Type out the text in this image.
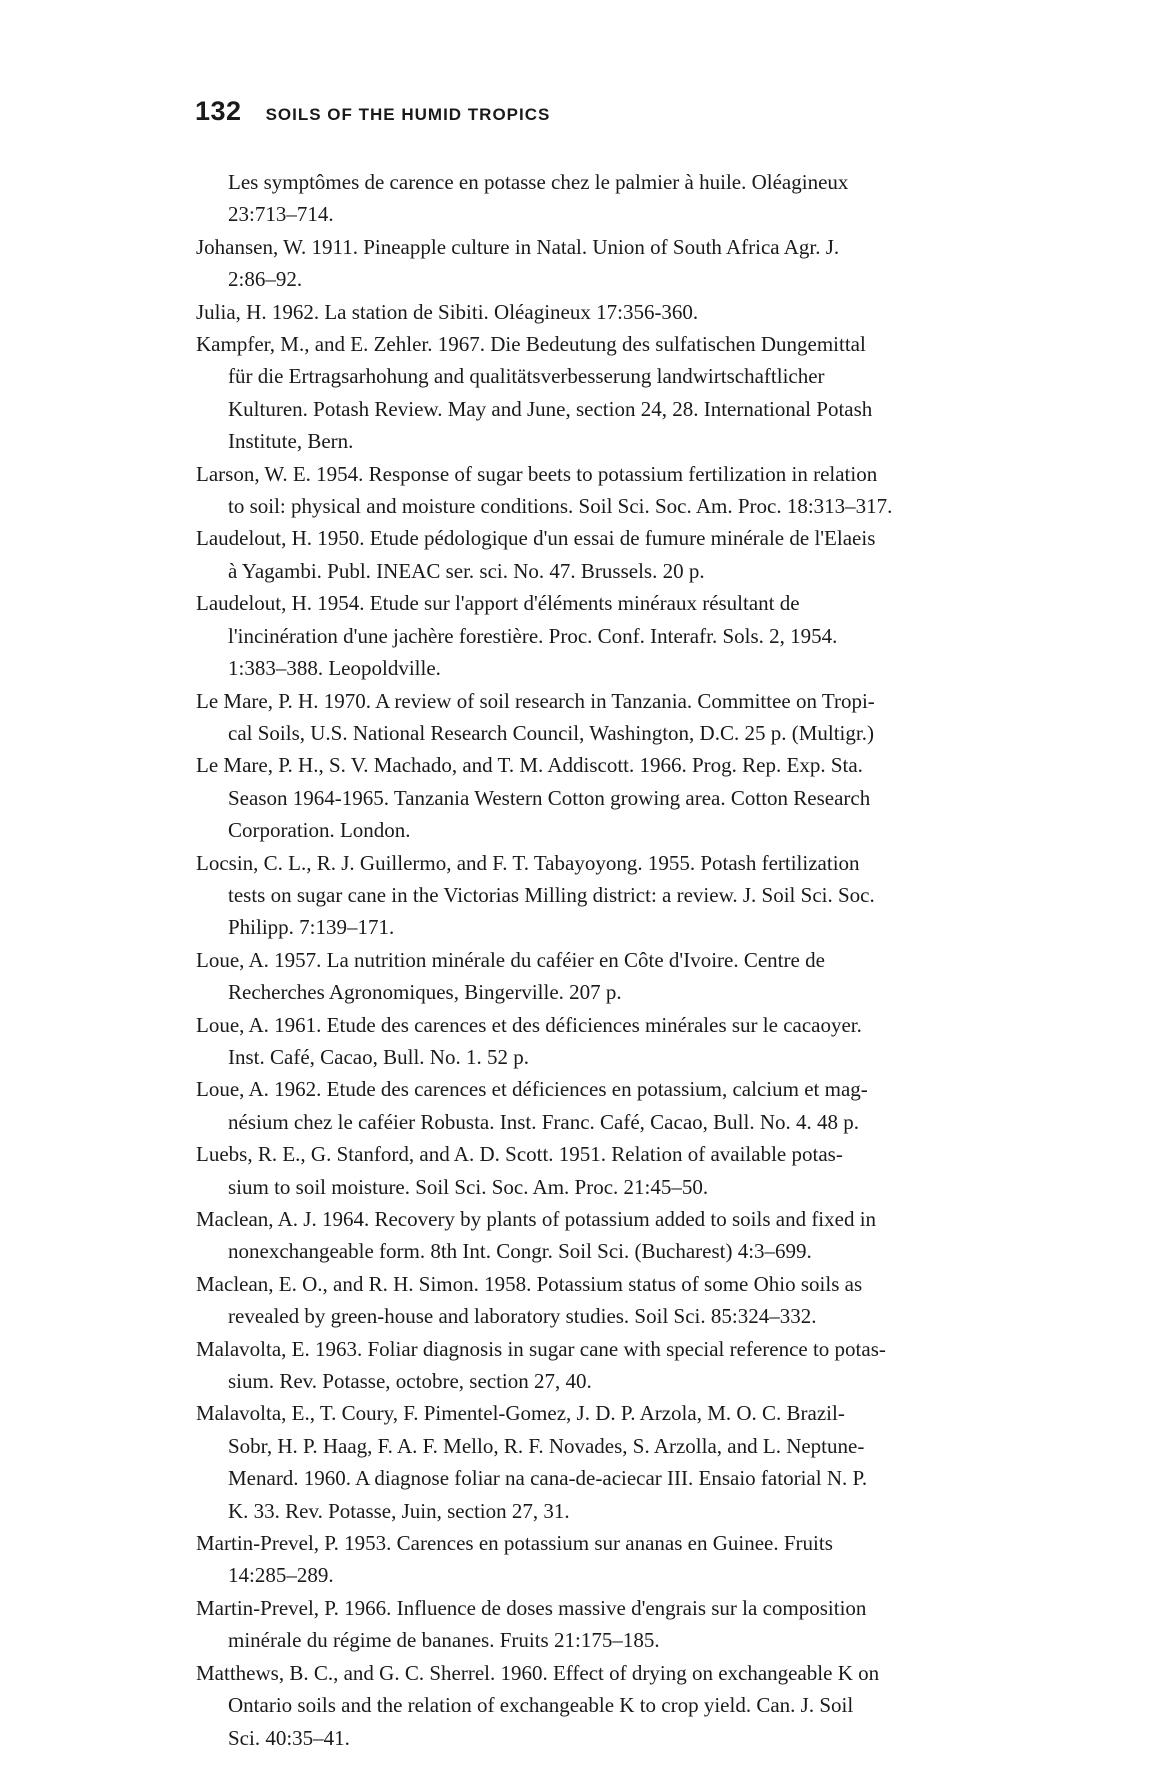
132 SOILS OF THE HUMID TROPICS
Les symptômes de carence en potasse chez le palmier à huile. Oléagineux
23:713–714.
Johansen, W. 1911. Pineapple culture in Natal. Union of South Africa Agr. J.
2:86–92.
Julia, H. 1962. La station de Sibiti. Oléagineux 17:356-360.
Kampfer, M., and E. Zehler. 1967. Die Bedeutung des sulfatischen Dungemittal
für die Ertragsarhohung and qualitätsverbesserung landwirtschaftlicher
Kulturen. Potash Review. May and June, section 24, 28. International Potash
Institute, Bern.
Larson, W. E. 1954. Response of sugar beets to potassium fertilization in relation
to soil: physical and moisture conditions. Soil Sci. Soc. Am. Proc. 18:313–317.
Laudelout, H. 1950. Etude pédologique d'un essai de fumure minérale de l'Elaeis
à Yagambi. Publ. INEAC ser. sci. No. 47. Brussels. 20 p.
Laudelout, H. 1954. Etude sur l'apport d'éléments minéraux résultant de
l'incinération d'une jachère forestière. Proc. Conf. Interafr. Sols. 2, 1954.
1:383–388. Leopoldville.
Le Mare, P. H. 1970. A review of soil research in Tanzania. Committee on Tropi-
cal Soils, U.S. National Research Council, Washington, D.C. 25 p. (Multigr.)
Le Mare, P. H., S. V. Machado, and T. M. Addiscott. 1966. Prog. Rep. Exp. Sta.
Season 1964-1965. Tanzania Western Cotton growing area. Cotton Research
Corporation. London.
Locsin, C. L., R. J. Guillermo, and F. T. Tabayoyong. 1955. Potash fertilization
tests on sugar cane in the Victorias Milling district: a review. J. Soil Sci. Soc.
Philipp. 7:139–171.
Loue, A. 1957. La nutrition minérale du caféier en Côte d'Ivoire. Centre de
Recherches Agronomiques, Bingerville. 207 p.
Loue, A. 1961. Etude des carences et des déficiences minérales sur le cacaoyer.
Inst. Café, Cacao, Bull. No. 1. 52 p.
Loue, A. 1962. Etude des carences et déficiences en potassium, calcium et mag-
nésium chez le caféier Robusta. Inst. Franc. Café, Cacao, Bull. No. 4. 48 p.
Luebs, R. E., G. Stanford, and A. D. Scott. 1951. Relation of available potas-
sium to soil moisture. Soil Sci. Soc. Am. Proc. 21:45–50.
Maclean, A. J. 1964. Recovery by plants of potassium added to soils and fixed in
nonexchangeable form. 8th Int. Congr. Soil Sci. (Bucharest) 4:3–699.
Maclean, E. O., and R. H. Simon. 1958. Potassium status of some Ohio soils as
revealed by green-house and laboratory studies. Soil Sci. 85:324–332.
Malavolta, E. 1963. Foliar diagnosis in sugar cane with special reference to potas-
sium. Rev. Potasse, octobre, section 27, 40.
Malavolta, E., T. Coury, F. Pimentel-Gomez, J. D. P. Arzola, M. O. C. Brazil-
Sobr, H. P. Haag, F. A. F. Mello, R. F. Novades, S. Arzolla, and L. Neptune-
Menard. 1960. A diagnose foliar na cana-de-aciecar III. Ensaio fatorial N. P.
K. 33. Rev. Potasse, Juin, section 27, 31.
Martin-Prevel, P. 1953. Carences en potassium sur ananas en Guinee. Fruits
14:285–289.
Martin-Prevel, P. 1966. Influence de doses massive d'engrais sur la composition
minérale du régime de bananes. Fruits 21:175–185.
Matthews, B. C., and G. C. Sherrel. 1960. Effect of drying on exchangeable K on
Ontario soils and the relation of exchangeable K to crop yield. Can. J. Soil
Sci. 40:35–41.
